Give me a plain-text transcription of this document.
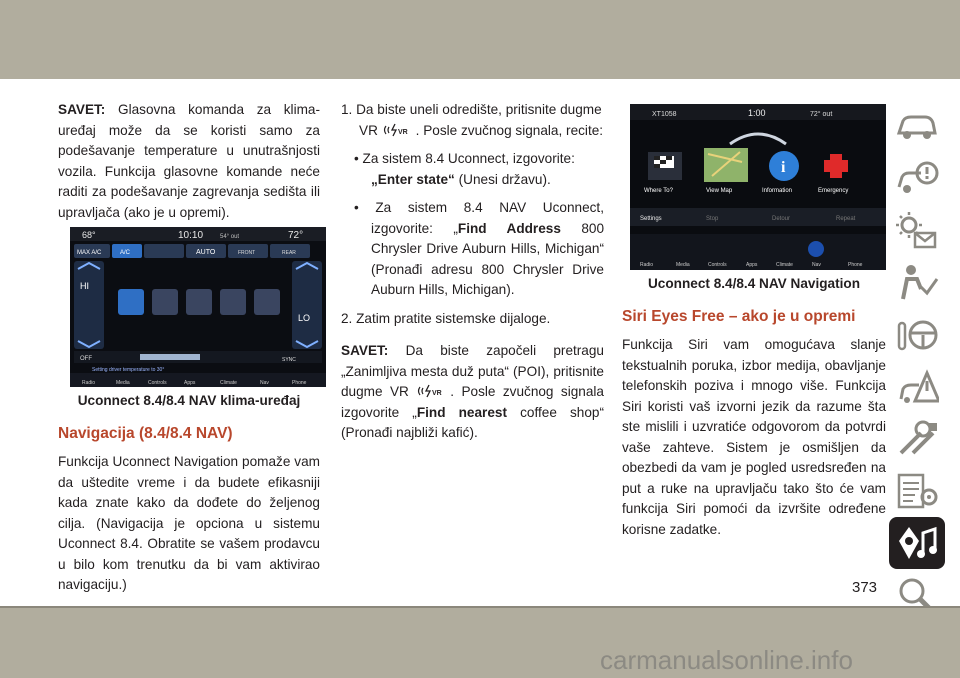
SAVET: Glasovna komanda za klima-uređaj može da se koristi samo za podešavanje temperature u unutrašnjosti vozila. Funkcija glasovne komande neće raditi za podešavanje zagrevanja sedišta ili upravljača (ako je u opremi).

68°	10:10	54° out	72°
MAX A/C	A/C	AUTO	FRONT	REAR
HI
LO
OFF	SYNC
Setting driver temperature to 30°
Radio	Media	Controls	Apps	Climate	Nav	Phone

Uconnect 8.4/8.4 NAV klima-uređaj

Navigacija (8.4/8.4 NAV)

Funkcija Uconnect Navigation pomaže vam da uštedite vreme i da budete efikasniji kada znate kako da dođete do željenog cilja. (Navigacija je opciona u sistemu Uconnect 8.4. Obratite se vašem prodavcu u bilo kom trenutku da bi vam aktivirao navigaciju.)

1. Da biste uneli odredište, pritisnite dugme

VR VR . Posle zvučnog signala, recite:

• Za sistem 8.4 Uconnect, izgovorite:
„Enter state“ (Unesi državu).

• Za sistem 8.4 NAV Uconnect, izgovorite: „Find Address 800 Chrysler Drive Auburn Hills, Michigan“ (Pronađi adresu 800 Chrysler Drive Auburn Hills, Michigan).

2. Zatim pratite sistemske dijaloge.

SAVET: Da biste započeli pretragu „Zanimljiva mesta duž puta“ (POI), pritisnite dugme VR VR . Posle zvučnog signala izgovorite „Find nearest coffee shop“ (Pronađi najbliži kafić).

XT1058	1:00	72° out
Where To?	View Map
i
Information	Emergency
Settings	Stop	Detour	Repeat
Radio	Media	Controls	Apps	Climate	Nav	Phone

Uconnect 8.4/8.4 NAV Navigation

Siri Eyes Free – ako je u opremi

Funkcija Siri vam omogućava slanje tekstualnih poruka, izbor medija, obavljanje telefonskih poziva i mnogo više. Funkcija Siri koristi vaš izvorni jezik da razume šta ste mislili i uzvratiće odgovorom da potvrdi vaše zahteve. Sistem je osmišljen da obezbedi da vam je pogled usredsređen na put a ruke na upravljaču tako što će vam funkcija Siri pomoći da izvršite određene korisne zadatke.

373
carmanualsonline.info
